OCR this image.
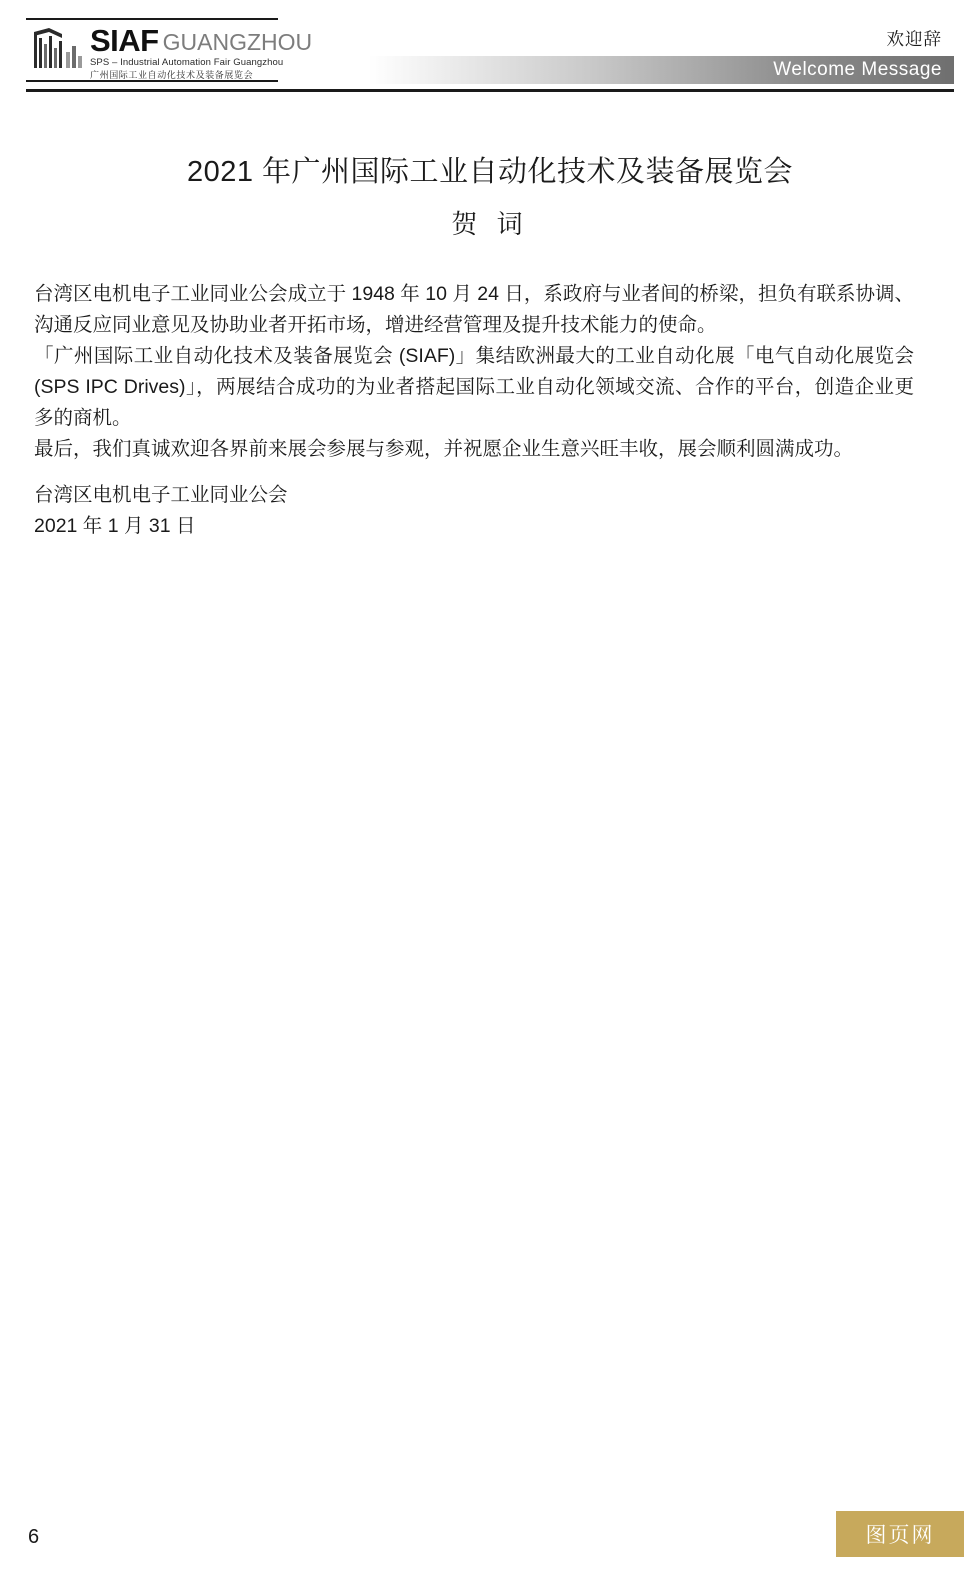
SIAF GUANGZHOU
SPS – Industrial Automation Fair Guangzhou
广州国际工业自动化技术及装备展览会
欢迎辞
Welcome Message
2021 年广州国际工业自动化技术及装备展览会
贺 词

台湾区电机电子工业同业公会成立于 1948 年 10 月 24 日，系政府与业者间的桥梁，担负有联系协调、沟通反应同业意见及协助业者开拓市场，增进经营管理及提升技术能力的使命。

「广州国际工业自动化技术及装备展览会 (SIAF)」集结欧洲最大的工业自动化展「电气自动化展览会 (SPS IPC Drives)」，两展结合成功的为业者搭起国际工业自动化领域交流、合作的平台，创造企业更多的商机。

最后，我们真诚欢迎各界前来展会参展与参观，并祝愿企业生意兴旺丰收，展会顺利圆满成功。

台湾区电机电子工业同业公会
2021 年 1 月 31 日
6	图页网
